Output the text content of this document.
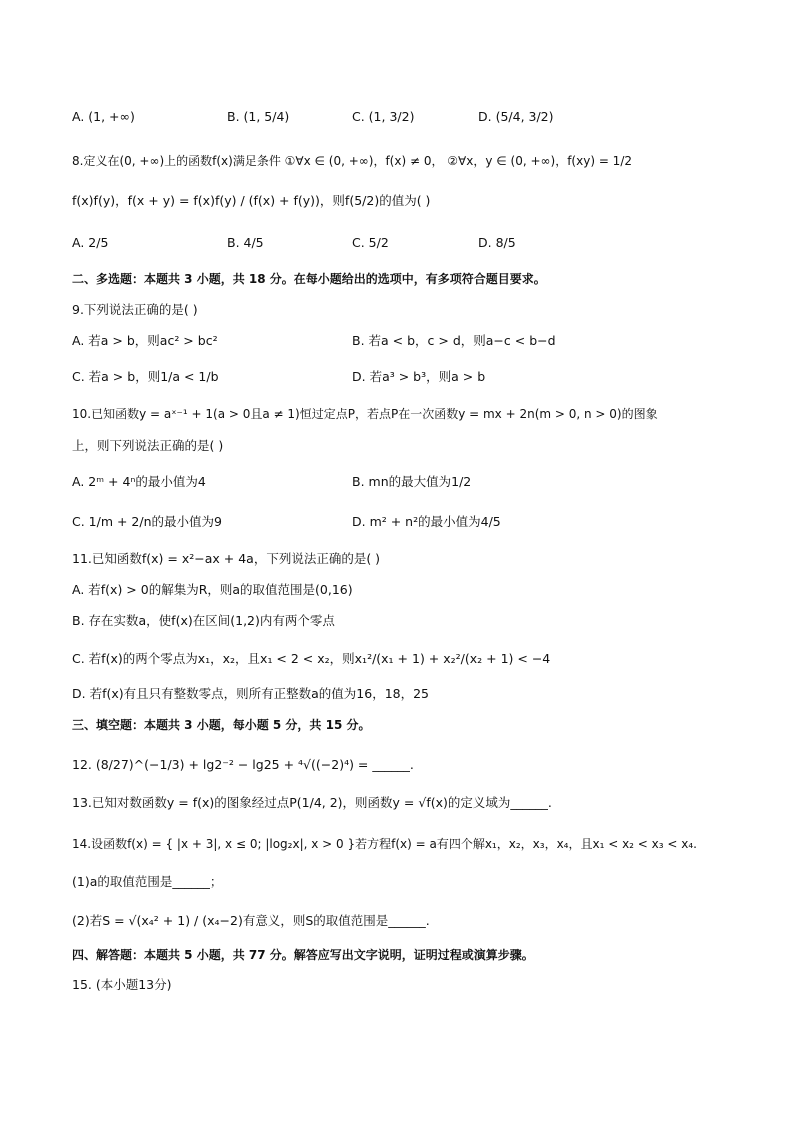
A. (1, +∞)	B. (1, 5/4)	C. (1, 3/2)	D. (5/4, 3/2)
8.定义在(0, +∞)上的函数f(x)满足条件 ①∀x ∈ (0, +∞)，f(x) ≠ 0， ②∀x，y ∈ (0, +∞)，f(xy) = 1/2
f(x)f(y)，f(x + y) = f(x)f(y) / (f(x) + f(y))，则f(5/2)的值为( )
A. 2/5	B. 4/5	C. 5/2	D. 8/5
二、多选题：本题共 3 小题，共 18 分。在每小题给出的选项中，有多项符合题目要求。
9.下列说法正确的是( )
A. 若a > b，则ac² > bc²	B. 若a < b，c > d，则a−c < b−d
C. 若a > b，则1/a < 1/b	D. 若a³ > b³，则a > b
10.已知函数y = aˣ⁻¹ + 1(a > 0且a ≠ 1)恒过定点P，若点P在一次函数y = mx + 2n(m > 0, n > 0)的图象
上，则下列说法正确的是( )
A. 2ᵐ + 4ⁿ的最小值为4	B. mn的最大值为1/2
C. 1/m + 2/n的最小值为9	D. m² + n²的最小值为4/5
11.已知函数f(x) = x²−ax + 4a，下列说法正确的是( )
A. 若f(x) > 0的解集为R，则a的取值范围是(0,16)
B. 存在实数a，使f(x)在区间(1,2)内有两个零点
C. 若f(x)的两个零点为x₁，x₂，且x₁ < 2 < x₂，则x₁²/(x₁ + 1) + x₂²/(x₂ + 1) < −4
D. 若f(x)有且只有整数零点，则所有正整数a的值为16，18，25
三、填空题：本题共 3 小题，每小题 5 分，共 15 分。
12. (8/27)^(−1/3) + lg2⁻² − lg25 + ⁴√((−2)⁴) = ______.
13.已知对数函数y = f(x)的图象经过点P(1/4, 2)，则函数y = √f(x)的定义域为______.
14.设函数f(x) = { |x + 3|, x ≤ 0; |log₂x|, x > 0 }若方程f(x) = a有四个解x₁，x₂，x₃，x₄，且x₁ < x₂ < x₃ < x₄.
(1)a的取值范围是______；
(2)若S = √(x₄² + 1) / (x₄−2)有意义，则S的取值范围是______.
四、解答题：本题共 5 小题，共 77 分。解答应写出文字说明，证明过程或演算步骤。
15. (本小题13分)
